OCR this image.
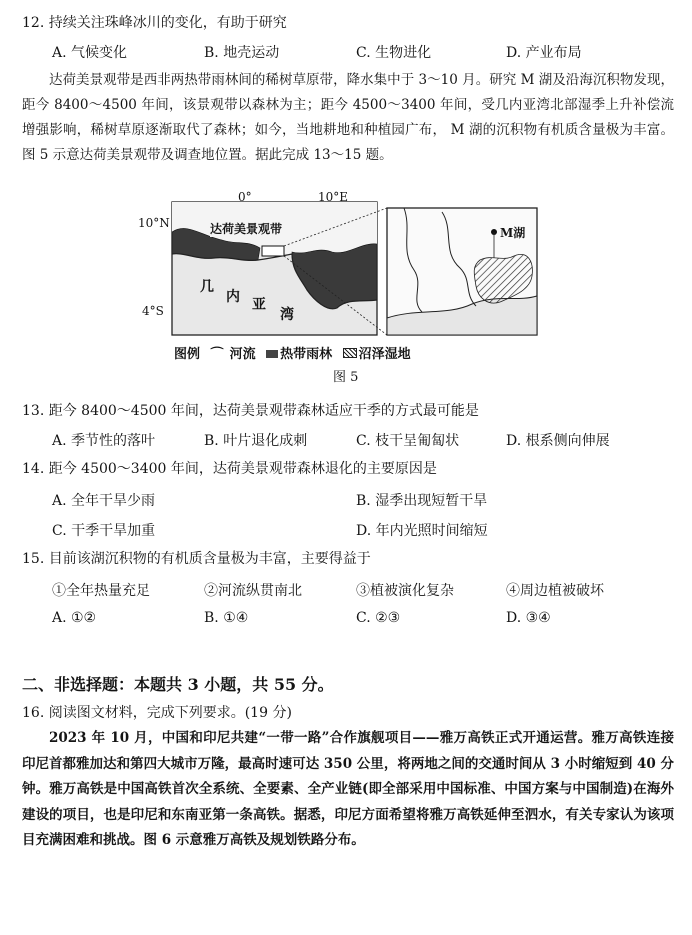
12. 持续关注珠峰冰川的变化，有助于研究
A. 气候变化	B. 地壳运动	C. 生物进化	D. 产业布局
达荷美景观带是西非两热带雨林间的稀树草原带，降水集中于 3～10 月。研究 M 湖及沿海沉积物发现，距今 8400～4500 年间，该景观带以森林为主；距今 4500～3400 年间，受几内亚湾北部湿季上升补偿流增强影响，稀树草原逐渐取代了森林；如今，当地耕地和种植园广布， M 湖的沉积物有机质含量极为丰富。图 5 示意达荷美景观带及调查地位置。据此完成 13～15 题。
0°	10°E
10°N
4°S
达荷美景观带
几
内 亚
湾
M湖
图例 ⌒ 河流 热带雨林 沼泽湿地
图 5
13. 距今 8400～4500 年间，达荷美景观带森林适应干季的方式最可能是
A. 季节性的落叶	B. 叶片退化成刺	C. 枝干呈匍匐状	D. 根系侧向伸展
14. 距今 4500～3400 年间，达荷美景观带森林退化的主要原因是
A. 全年干旱少雨	B. 湿季出现短暂干旱
C. 干季干旱加重	D. 年内光照时间缩短
15. 目前该湖沉积物的有机质含量极为丰富，主要得益于
①全年热量充足	②河流纵贯南北	③植被演化复杂	④周边植被破坏
A. ①②	B. ①④	C. ②③	D. ③④
二、非选择题：本题共 3 小题，共 55 分。
16. 阅读图文材料，完成下列要求。(19 分)
2023 年 10 月，中国和印尼共建“一带一路”合作旗舰项目——雅万高铁正式开通运营。雅万高铁连接印尼首都雅加达和第四大城市万隆，最高时速可达 350 公里，将两地之间的交通时间从 3 小时缩短到 40 分钟。雅万高铁是中国高铁首次全系统、全要素、全产业链(即全部采用中国标准、中国方案与中国制造)在海外建设的项目，也是印尼和东南亚第一条高铁。据悉，印尼方面希望将雅万高铁延伸至泗水，有关专家认为该项目充满困难和挑战。图 6 示意雅万高铁及规划铁路分布。
